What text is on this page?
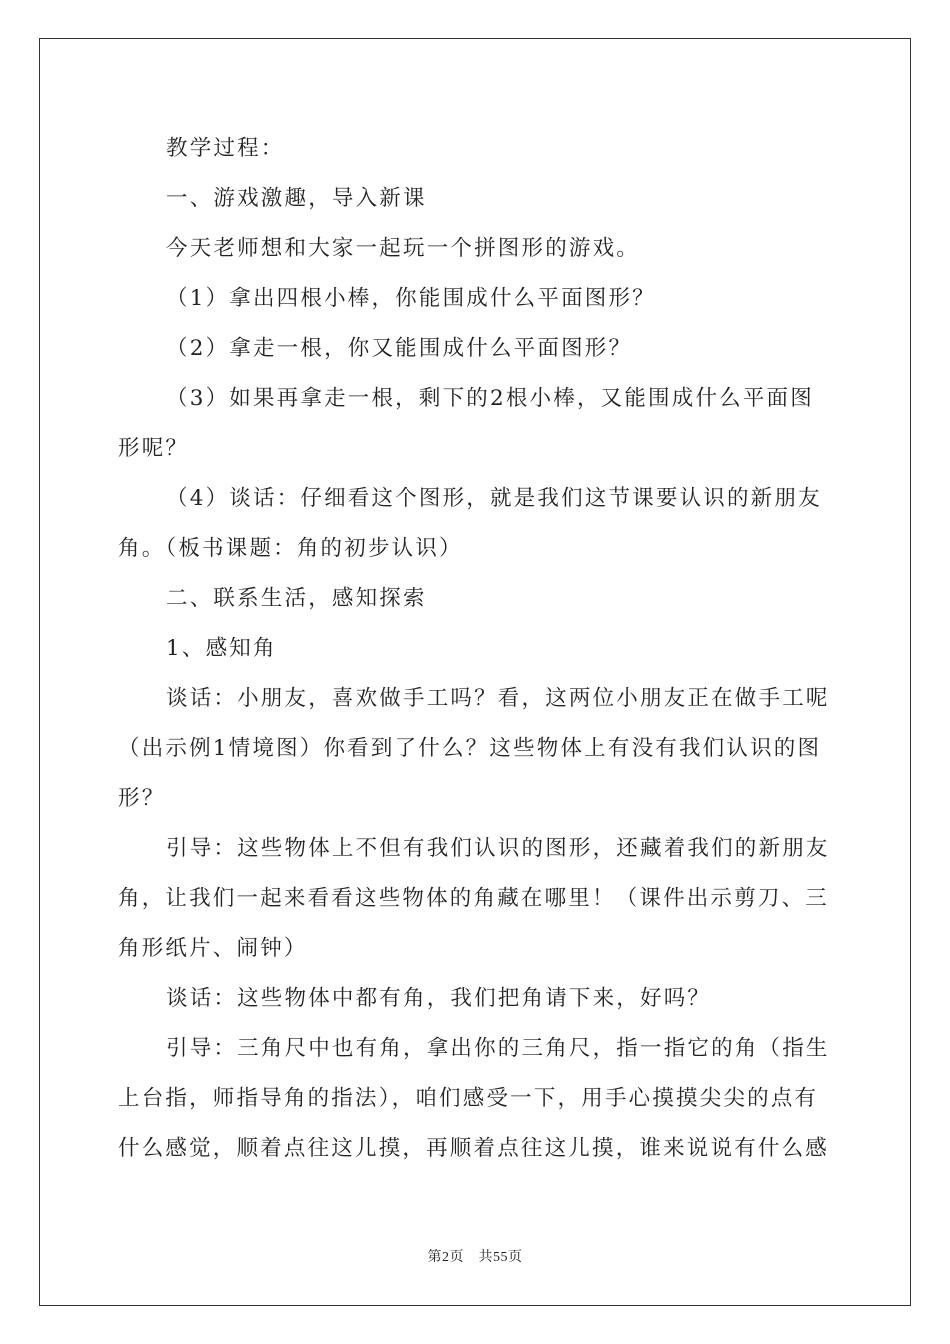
教学过程：
一、游戏激趣，导入新课
今天老师想和大家一起玩一个拼图形的游戏。
（1）拿出四根小棒，你能围成什么平面图形？
（2）拿走一根，你又能围成什么平面图形？
（3）如果再拿走一根，剩下的2根小棒，又能围成什么平面图
形呢？
（4）谈话：仔细看这个图形，就是我们这节课要认识的新朋友
角。（板书课题：角的初步认识）
二、联系生活，感知探索
1、感知角
谈话：小朋友，喜欢做手工吗？看，这两位小朋友正在做手工呢
（出示例1情境图）你看到了什么？这些物体上有没有我们认识的图
形？
引导：这些物体上不但有我们认识的图形，还藏着我们的新朋友
角，让我们一起来看看这些物体的角藏在哪里！（课件出示剪刀、三
角形纸片、闹钟）
谈话：这些物体中都有角，我们把角请下来，好吗？
引导：三角尺中也有角，拿出你的三角尺，指一指它的角（指生
上台指，师指导角的指法），咱们感受一下，用手心摸摸尖尖的点有
什么感觉，顺着点往这儿摸，再顺着点往这儿摸，谁来说说有什么感
第2页　共55页
